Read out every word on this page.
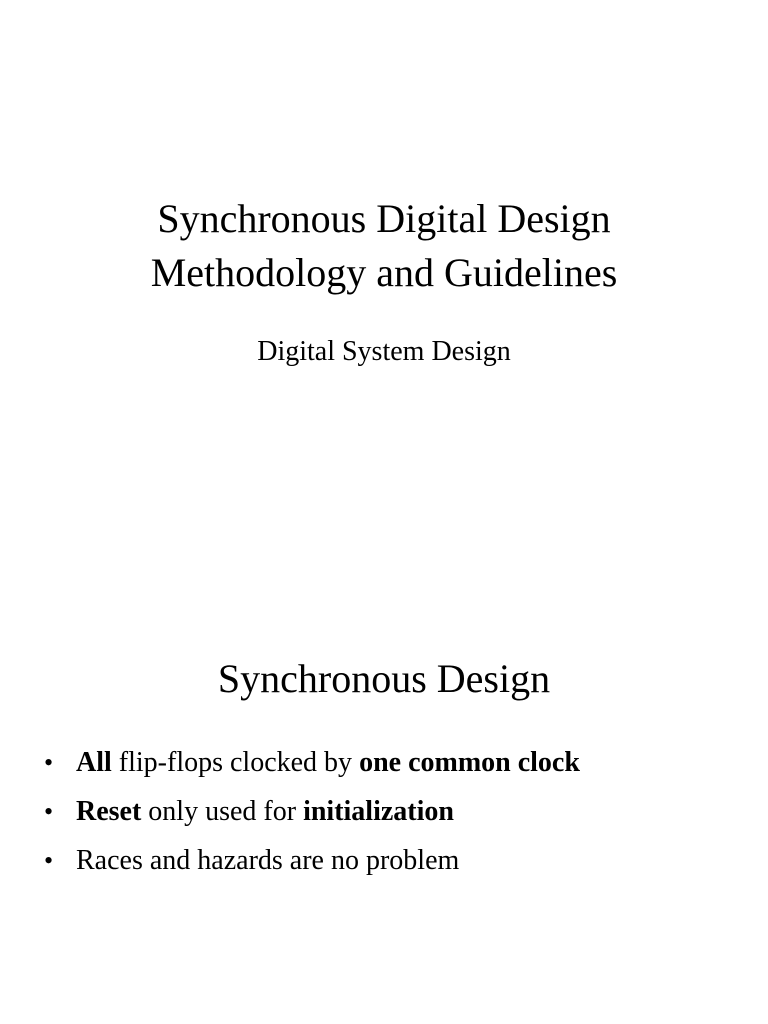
Synchronous Digital Design
Methodology and Guidelines
Digital System Design
Synchronous Design
• All flip-flops clocked by one common clock
• Reset only used for initialization
• Races and hazards are no problem
